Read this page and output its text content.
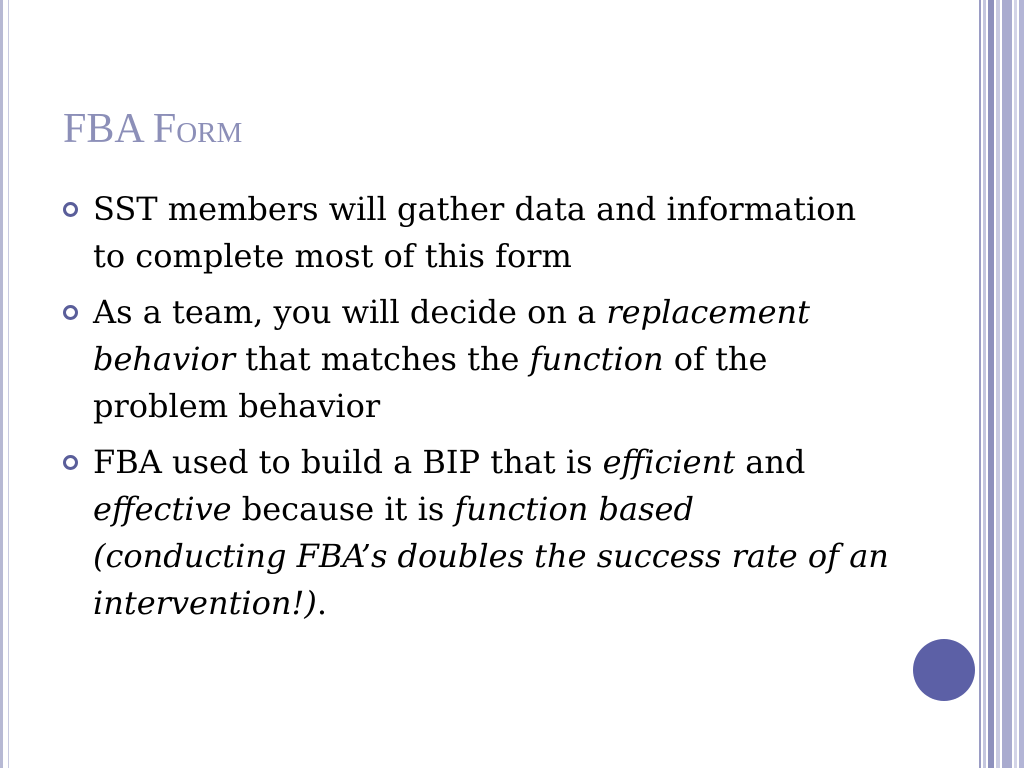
FBA Form
SST members will gather data and information to complete most of this form
As a team, you will decide on a replacement behavior that matches the function of the problem behavior
FBA used to build a BIP that is efficient and effective because it is function based (conducting FBA’s doubles the success rate of an intervention!).
